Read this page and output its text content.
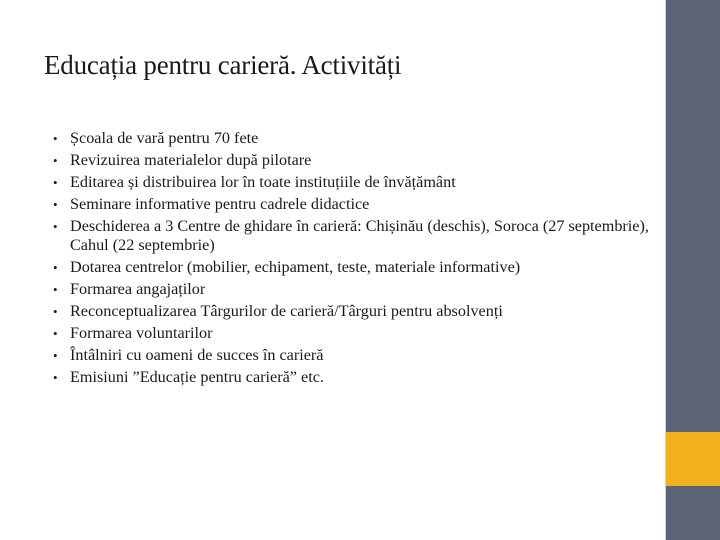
Educația pentru carieră. Activități
• Școala de vară pentru 70 fete
• Revizuirea materialelor după pilotare
• Editarea și distribuirea lor în toate instituțiile de învățământ
• Seminare informative pentru cadrele didactice
• Deschiderea a 3 Centre de ghidare în carieră: Chișinău (deschis), Soroca (27 septembrie), Cahul (22 septembrie)
• Dotarea centrelor (mobilier, echipament, teste, materiale informative)
• Formarea angajaților
• Reconceptualizarea Târgurilor de carieră/Târguri pentru absolvenți
• Formarea voluntarilor
• Întâlniri cu oameni de succes în carieră
• Emisiuni ”Educație pentru carieră” etc.
